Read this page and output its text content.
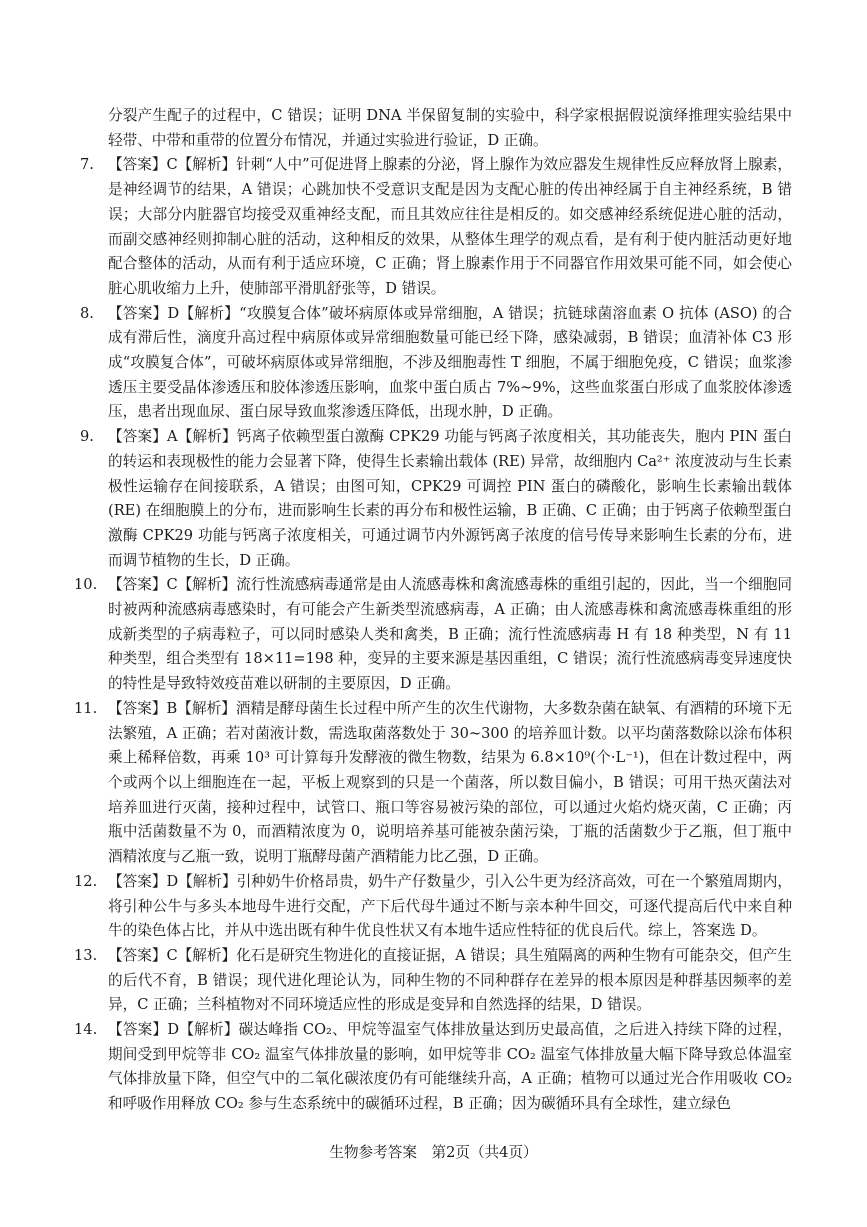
分裂产生配子的过程中，C 错误；证明 DNA 半保留复制的实验中，科学家根据假说演绎推理实验结果中轻带、中带和重带的位置分布情况，并通过实验进行验证，D 正确。
7. 【答案】C【解析】针刺“人中”可促进肾上腺素的分泌，肾上腺作为效应器发生规律性反应释放肾上腺素，是神经调节的结果，A 错误；心跳加快不受意识支配是因为支配心脏的传出神经属于自主神经系统，B 错误；大部分内脏器官均接受双重神经支配，而且其效应往往是相反的。如交感神经系统促进心脏的活动，而副交感神经则抑制心脏的活动，这种相反的效果，从整体生理学的观点看，是有利于使内脏活动更好地配合整体的活动，从而有利于适应环境，C 正确；肾上腺素作用于不同器官作用效果可能不同，如会使心脏心肌收缩力上升，使肺部平滑肌舒张等，D 错误。
8. 【答案】D【解析】“攻膜复合体”破坏病原体或异常细胞，A 错误；抗链球菌溶血素 O 抗体 (ASO) 的合成有滞后性，滴度升高过程中病原体或异常细胞数量可能已经下降，感染减弱，B 错误；血清补体 C3 形成“攻膜复合体”，可破坏病原体或异常细胞，不涉及细胞毒性 T 细胞，不属于细胞免疫，C 错误；血浆渗透压主要受晶体渗透压和胶体渗透压影响，血浆中蛋白质占 7%~9%，这些血浆蛋白形成了血浆胶体渗透压，患者出现血尿、蛋白尿导致血浆渗透压降低，出现水肿，D 正确。
9. 【答案】A【解析】钙离子依赖型蛋白激酶 CPK29 功能与钙离子浓度相关，其功能丧失，胞内 PIN 蛋白的转运和表现极性的能力会显著下降，使得生长素输出载体 (RE) 异常，故细胞内 Ca²⁺ 浓度波动与生长素极性运输存在间接联系，A 错误；由图可知，CPK29 可调控 PIN 蛋白的磷酸化，影响生长素输出载体 (RE) 在细胞膜上的分布，进而影响生长素的再分布和极性运输，B 正确、C 正确；由于钙离子依赖型蛋白激酶 CPK29 功能与钙离子浓度相关，可通过调节内外源钙离子浓度的信号传导来影响生长素的分布，进而调节植物的生长，D 正确。
10. 【答案】C【解析】流行性流感病毒通常是由人流感毒株和禽流感毒株的重组引起的，因此，当一个细胞同时被两种流感病毒感染时，有可能会产生新类型流感病毒，A 正确；由人流感毒株和禽流感毒株重组的形成新类型的子病毒粒子，可以同时感染人类和禽类，B 正确；流行性流感病毒 H 有 18 种类型，N 有 11 种类型，组合类型有 18×11=198 种，变异的主要来源是基因重组，C 错误；流行性流感病毒变异速度快的特性是导致特效疫苗难以研制的主要原因，D 正确。
11. 【答案】B【解析】酒精是酵母菌生长过程中所产生的次生代谢物，大多数杂菌在缺氧、有酒精的环境下无法繁殖，A 正确；若对菌液计数，需选取菌落数处于 30~300 的培养皿计数。以平均菌落数除以涂布体积乘上稀释倍数，再乘 10³ 可计算每升发酵液的微生物数，结果为 6.8×10⁹(个·L⁻¹)，但在计数过程中，两个或两个以上细胞连在一起，平板上观察到的只是一个菌落，所以数目偏小，B 错误；可用干热灭菌法对培养皿进行灭菌，接种过程中，试管口、瓶口等容易被污染的部位，可以通过火焰灼烧灭菌，C 正确；丙瓶中活菌数量不为 0，而酒精浓度为 0，说明培养基可能被杂菌污染，丁瓶的活菌数少于乙瓶，但丁瓶中酒精浓度与乙瓶一致，说明丁瓶酵母菌产酒精能力比乙强，D 正确。
12. 【答案】D【解析】引种奶牛价格昂贵，奶牛产仔数量少，引入公牛更为经济高效，可在一个繁殖周期内，将引种公牛与多头本地母牛进行交配，产下后代母牛通过不断与亲本种牛回交，可逐代提高后代中来自种牛的染色体占比，并从中选出既有种牛优良性状又有本地牛适应性特征的优良后代。综上，答案选 D。
13. 【答案】C【解析】化石是研究生物进化的直接证据，A 错误；具生殖隔离的两种生物有可能杂交，但产生的后代不育，B 错误；现代进化理论认为，同种生物的不同种群存在差异的根本原因是种群基因频率的差异，C 正确；兰科植物对不同环境适应性的形成是变异和自然选择的结果，D 错误。
14. 【答案】D【解析】碳达峰指 CO₂、甲烷等温室气体排放量达到历史最高值，之后进入持续下降的过程，期间受到甲烷等非 CO₂ 温室气体排放量的影响，如甲烷等非 CO₂ 温室气体排放量大幅下降导致总体温室气体排放量下降，但空气中的二氧化碳浓度仍有可能继续升高，A 正确；植物可以通过光合作用吸收 CO₂ 和呼吸作用释放 CO₂ 参与生态系统中的碳循环过程，B 正确；因为碳循环具有全球性，建立绿色
生物参考答案　第2页（共4页）
